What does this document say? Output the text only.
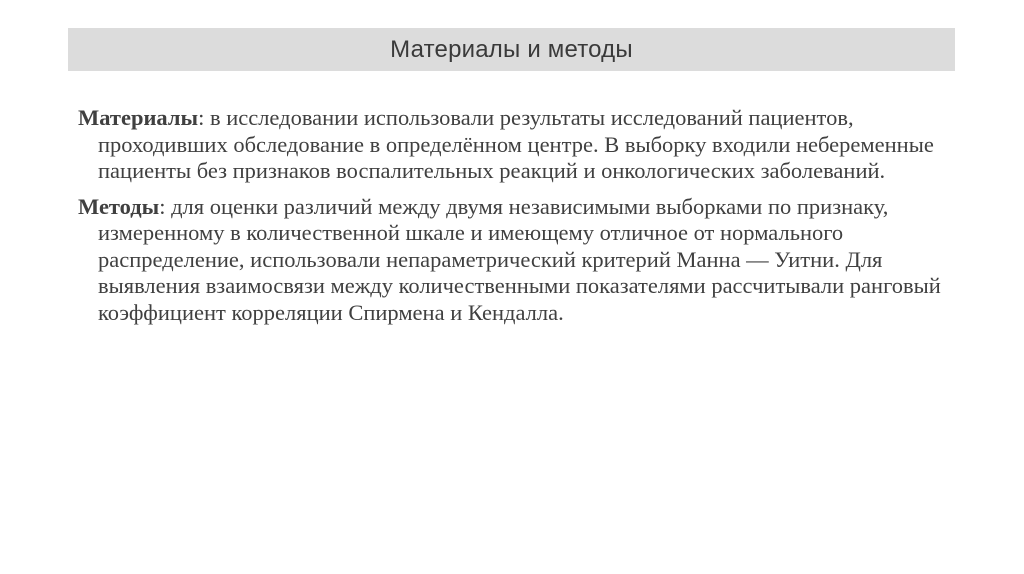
Материалы и методы

Материалы: в исследовании использовали результаты исследований пациентов, проходивших обследование в определённом центре. В выборку входили небеременные пациенты без признаков воспалительных реакций и онкологических заболеваний.

Методы: для оценки различий между двумя независимыми выборками по признаку, измеренному в количественной шкале и имеющему отличное от нормального распределение, использовали непараметрический критерий Манна — Уитни. Для выявления взаимосвязи между количественными показателями рассчитывали ранговый коэффициент корреляции Спирмена и Кендалла.
